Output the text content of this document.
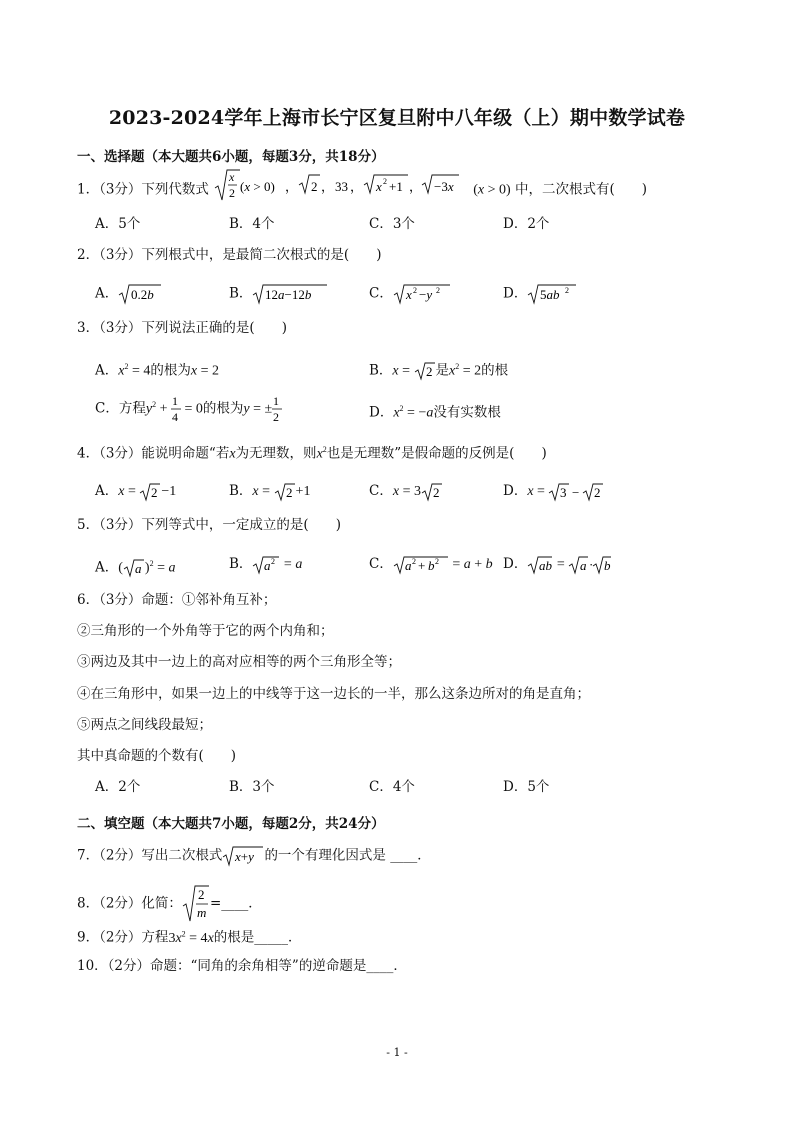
2023-2024学年上海市长宁区复旦附中八年级（上）期中数学试卷
一、选择题（本大题共6小题，每题3分，共18分）
1．（3分）下列代数式
x
2 (x > 0) ， 2 ， 33 ， x 2 +1 ， −3x (x > 0) 中，二次根式有(　　)
A．5个	B．4个	C．3个	D．2个
2．（3分）下列根式中，是最简二次根式的是(　　)
A． 0.2b	B． 12a−12b	C． x 2 −y 2	D． 5ab 2
3．（3分）下列说法正确的是(　　)
A．$x^2 = 4$的根为x = 2	B．x = 2 是$x^2 = 2$的根
C．方程$y^2$ +
1
4
= 0的根为y = ±
1
2	D．$x^2 = -a$没有实数根
4．（3分）能说明命题“若x为无理数，则$x^2$也是无理数”是假命题的反例是(　　)
A．x = 2 −1	B．x = 2 +1	C．x = 3 2	D．x = 3 − 2
5．（3分）下列等式中，一定成立的是(　　)
A．( a )$^2$ = a	B． a 2 = a	C． a 2 + b 2 = a + b D． ab = a · b
6．（3分）命题：①邻补角互补；
②三角形的一个外角等于它的两个内角和；
③两边及其中一边上的高对应相等的两个三角形全等；
④在三角形中，如果一边上的中线等于这一边长的一半，那么这条边所对的角是直角；
⑤两点之间线段最短；
其中真命题的个数有(　　)
A．2个	B．3个	C．4个	D．5个
二、填空题（本大题共7小题，每题2分，共24分）
7．（2分）写出二次根式 x+y 的一个有理化因式是 ____．
8．（2分）化简：
2
m
=____．
9．（2分）方程$3x^2 = 4x$的根是_____．
10．（2分）命题：“同角的余角相等”的逆命题是____．
- 1 -
